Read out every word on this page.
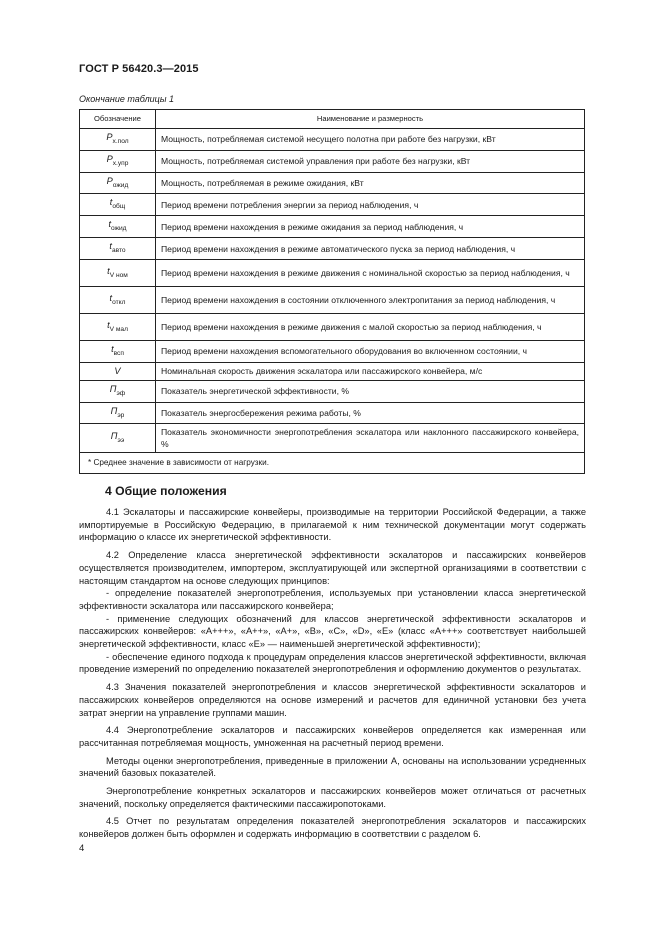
ГОСТ Р 56420.3—2015
Окончание таблицы 1
Обозначение	Наименование и размерность
$P_{х.пол}$	Мощность, потребляемая системой несущего полотна при работе без нагрузки, кВт
$P_{х.упр}$	Мощность, потребляемая системой управления при работе без нагрузки, кВт
$P_{ожид}$	Мощность, потребляемая в режиме ожидания, кВт
$t_{общ}$	Период времени потребления энергии за период наблюдения, ч
$t_{ожид}$	Период времени нахождения в режиме ожидания за период наблюдения, ч
$t_{авто}$	Период времени нахождения в режиме автоматического пуска за период наблюдения, ч
$t_{V ном}$	Период времени нахождения в режиме движения с номинальной скоростью за период наблюдения, ч
$t_{откл}$	Период времени нахождения в состоянии отключенного электропитания за период наблюдения, ч
$t_{V мал}$	Период времени нахождения в режиме движения с малой скоростью за период наблюдения, ч
$t_{всп}$	Период времени нахождения вспомогательного оборудования во включенном состоянии, ч
V	Номинальная скорость движения эскалатора или пассажирского конвейера, м/с
$П_{эф}$	Показатель энергетической эффективности, %
$П_{эр}$	Показатель энергосбережения режима работы, %
$П_{ээ}$	Показатель экономичности энергопотребления эскалатора или наклонного пассажирского конвейера, %
* Среднее значение в зависимости от нагрузки.	
4 Общие положения

4.1 Эскалаторы и пассажирские конвейеры, производимые на территории Российской Федерации, а также импортируемые в Российскую Федерацию, в прилагаемой к ним технической документации могут содержать информацию о классе их энергетической эффективности.

4.2 Определение класса энергетической эффективности эскалаторов и пассажирских конвейеров осуществляется производителем, импортером, эксплуатирующей или экспертной организациями в соответствии с настоящим стандартом на основе следующих принципов:

- определение показателей энергопотребления, используемых при установлении класса энергетической эффективности эскалатора или пассажирского конвейера;

- применение следующих обозначений для классов энергетической эффективности эскалаторов и пассажирских конвейеров: «А+++», «А++», «А+», «В», «С», «D», «Е» (класс «А+++» соответствует наибольшей энергетической эффективности, класс «Е» — наименьшей энергетической эффективности);

- обеспечение единого подхода к процедурам определения классов энергетической эффективности, включая проведение измерений по определению показателей энергопотребления и оформлению документов о результатах.

4.3 Значения показателей энергопотребления и классов энергетической эффективности эскалаторов и пассажирских конвейеров определяются на основе измерений и расчетов для единичной установки без учета затрат энергии на управление группами машин.

4.4 Энергопотребление эскалаторов и пассажирских конвейеров определяется как измеренная или рассчитанная потребляемая мощность, умноженная на расчетный период времени.

Методы оценки энергопотребления, приведенные в приложении А, основаны на использовании усредненных значений базовых показателей.

Энергопотребление конкретных эскалаторов и пассажирских конвейеров может отличаться от расчетных значений, поскольку определяется фактическими пассажиропотоками.

4.5 Отчет по результатам определения показателей энергопотребления эскалаторов и пассажирских конвейеров должен быть оформлен и содержать информацию в соответствии с разделом 6.

4
